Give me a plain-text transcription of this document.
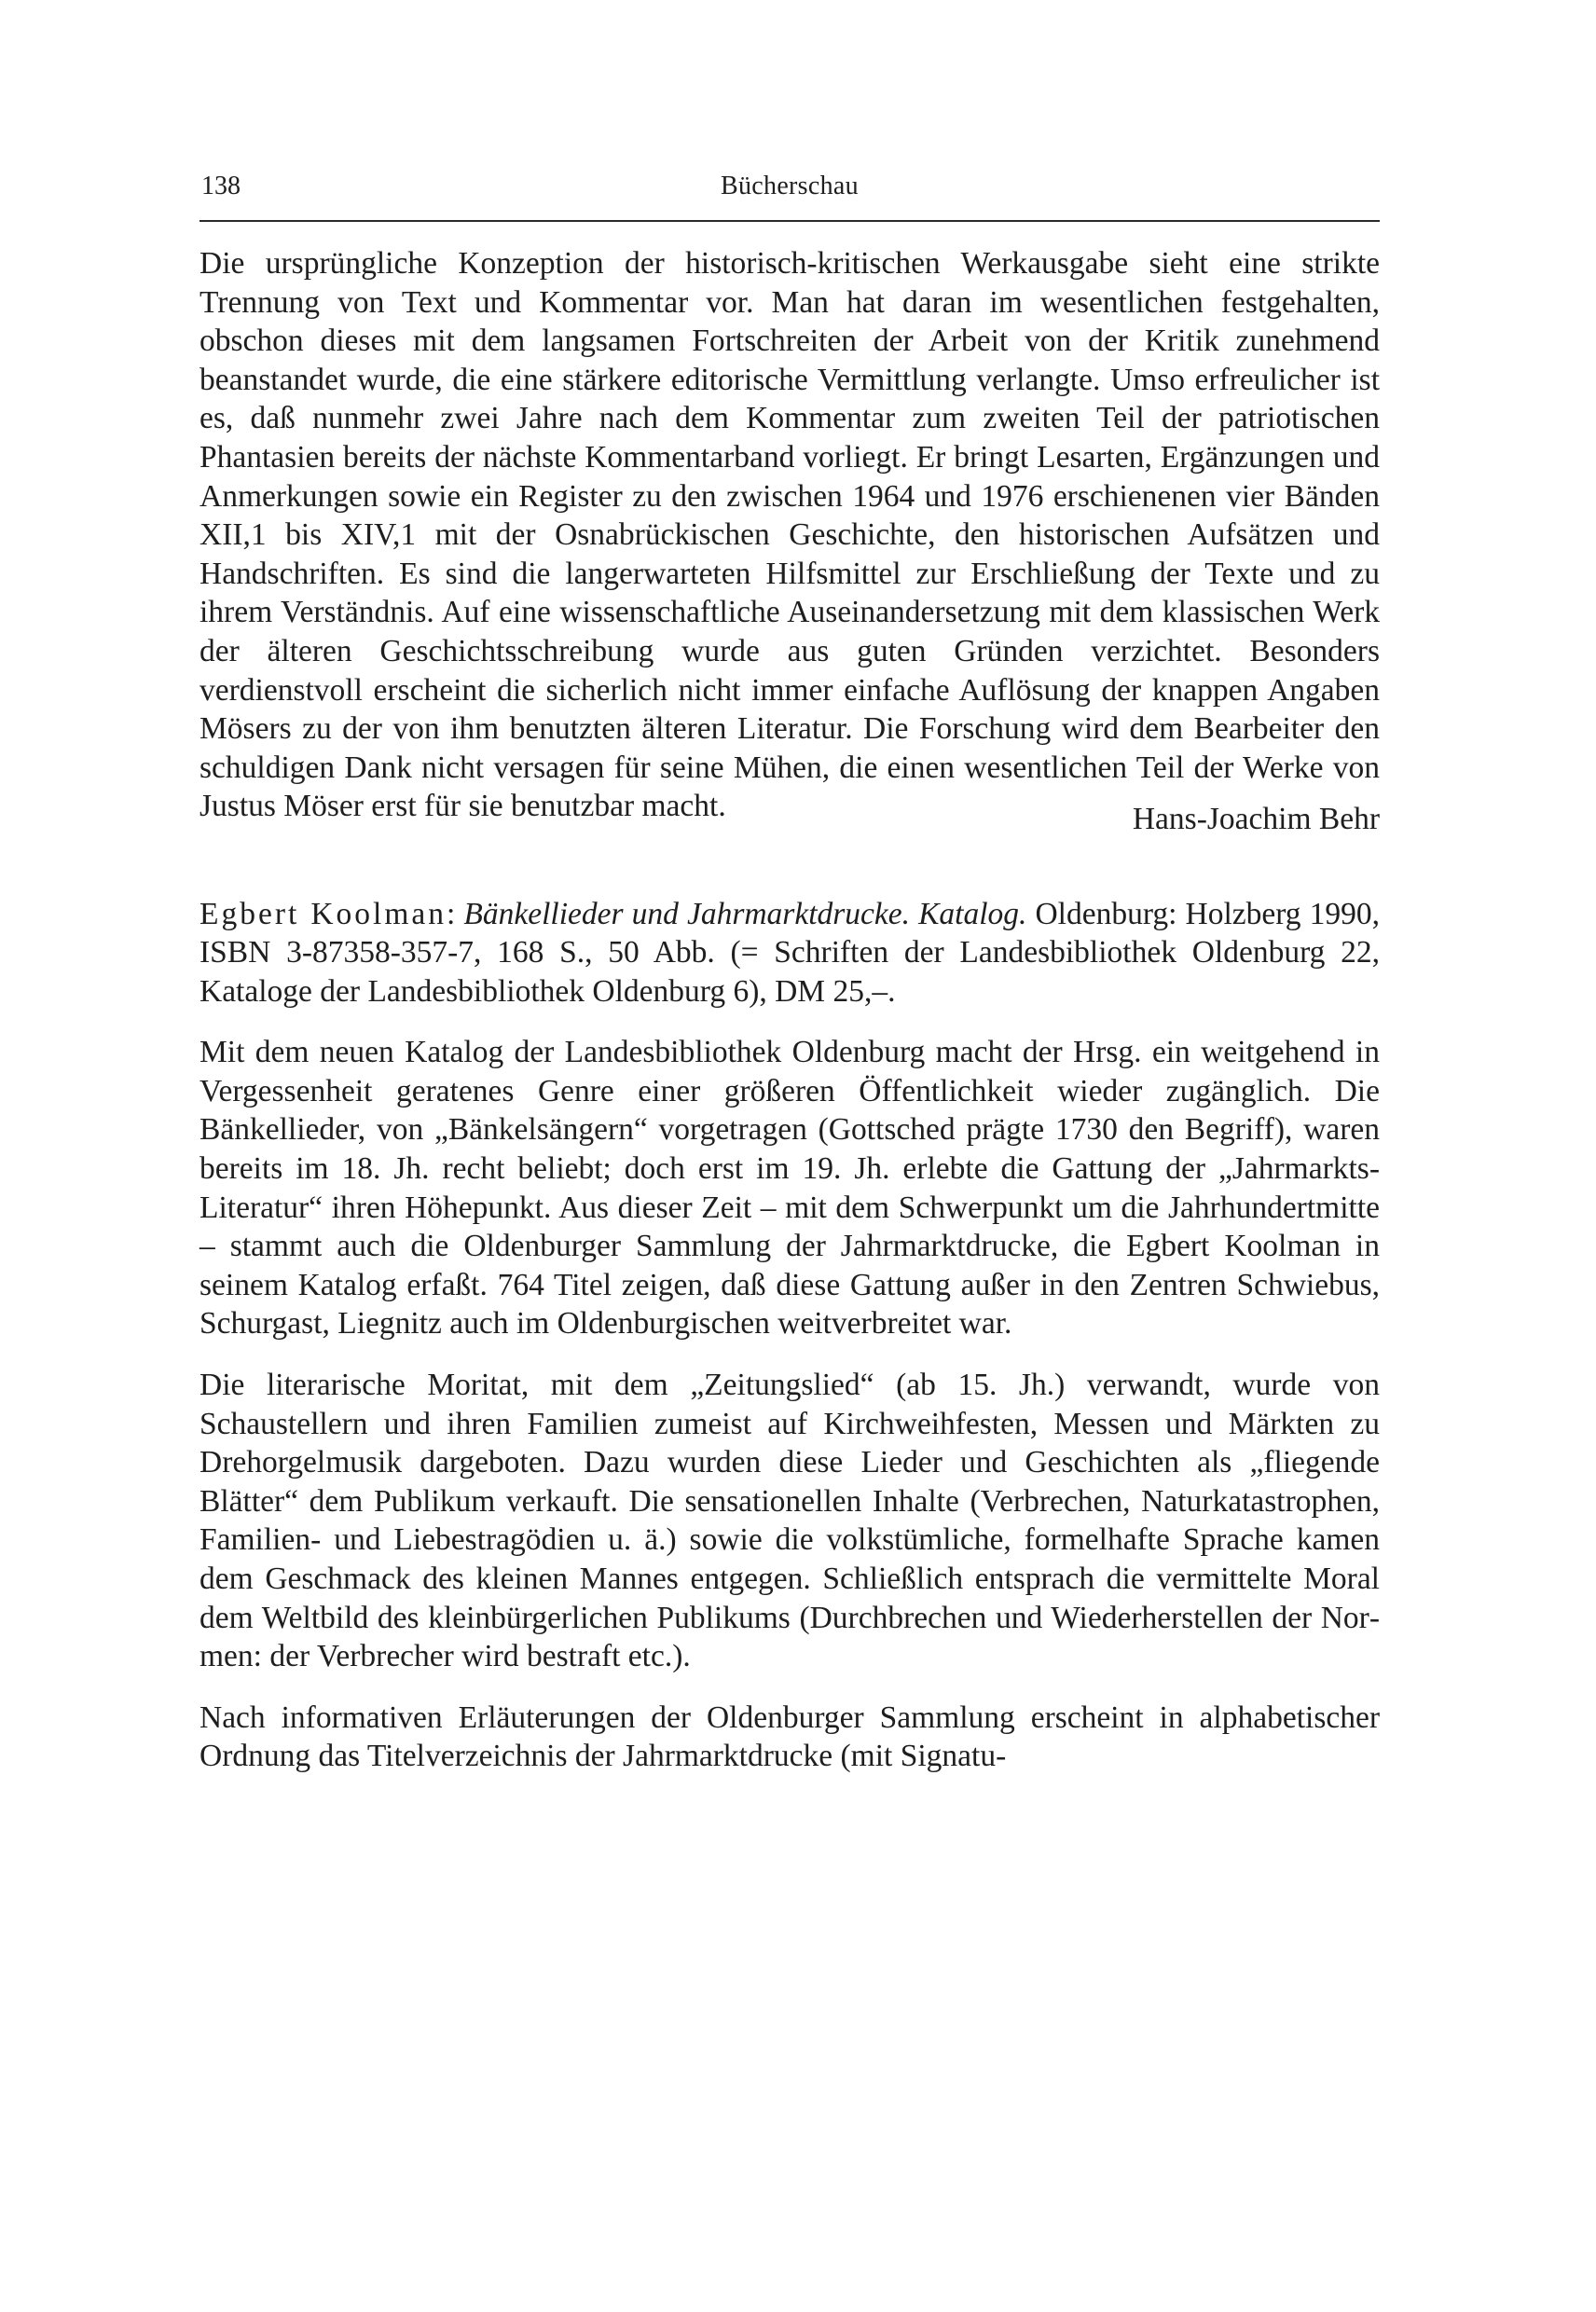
138	Bücherschau

Die ursprüngliche Konzeption der historisch-kritischen Werkausgabe sieht eine strikte Trennung von Text und Kommentar vor. Man hat daran im wesentlichen festgehalten, obschon dieses mit dem langsamen Fortschreiten der Arbeit von der Kritik zunehmend beanstandet wurde, die eine stärkere editorische Vermittlung verlangte. Umso erfreulicher ist es, daß nunmehr zwei Jahre nach dem Kommentar zum zweiten Teil der patriotischen Phantasien bereits der nächste Kommentarband vorliegt. Er bringt Lesarten, Ergänzungen und Anmerkungen sowie ein Register zu den zwischen 1964 und 1976 erschienenen vier Bänden XII,1 bis XIV,1 mit der Osnabrückischen Geschichte, den historischen Aufsätzen und Handschriften. Es sind die langerwarteten Hilfsmittel zur Erschließung der Texte und zu ihrem Verständnis. Auf eine wissenschaftliche Auseinandersetzung mit dem klassischen Werk der älteren Geschichtsschreibung wurde aus guten Gründen verzichtet. Besonders verdienstvoll erscheint die sicherlich nicht immer einfache Auflösung der knappen Angaben Mösers zu der von ihm benutzten älteren Literatur. Die Forschung wird dem Bearbeiter den schuldigen Dank nicht versagen für seine Mühen, die einen wesentlichen Teil der Werke von Justus Möser erst für sie benutzbar macht.	Hans-Joachim Behr

Egbert Koolman: Bänkellieder und Jahrmarktdrucke. Katalog. Oldenburg: Holzberg 1990, ISBN 3-87358-357-7, 168 S., 50 Abb. (= Schriften der Landesbibliothek Oldenburg 22, Kataloge der Landesbibliothek Oldenburg 6), DM 25,–.

Mit dem neuen Katalog der Landesbibliothek Oldenburg macht der Hrsg. ein weitgehend in Vergessenheit geratenes Genre einer größeren Öffentlichkeit wieder zugänglich. Die Bänkellieder, von „Bänkelsängern“ vorgetragen (Gottsched prägte 1730 den Begriff), waren bereits im 18. Jh. recht beliebt; doch erst im 19. Jh. erlebte die Gattung der „Jahrmarkts-Literatur“ ihren Höhepunkt. Aus dieser Zeit – mit dem Schwerpunkt um die Jahrhundertmitte – stammt auch die Oldenburger Sammlung der Jahrmarktdrucke, die Egbert Koolman in seinem Katalog erfaßt. 764 Titel zeigen, daß diese Gattung außer in den Zentren Schwiebus, Schurgast, Liegnitz auch im Oldenburgischen weitverbreitet war.

Die literarische Moritat, mit dem „Zeitungslied“ (ab 15. Jh.) verwandt, wurde von Schaustellern und ihren Familien zumeist auf Kirchweihfesten, Messen und Märkten zu Drehorgelmusik dargeboten. Dazu wurden diese Lieder und Geschichten als „fliegende Blätter“ dem Publikum verkauft. Die sensationellen Inhalte (Verbrechen, Naturkatastrophen, Familien- und Liebestragödien u. ä.) sowie die volkstümliche, formelhafte Sprache kamen dem Geschmack des kleinen Mannes entgegen. Schließlich entsprach die vermittelte Moral dem Weltbild des kleinbürgerlichen Publikums (Durchbrechen und Wiederherstellen der Normen: der Verbrecher wird bestraft etc.).

Nach informativen Erläuterungen der Oldenburger Sammlung erscheint in alphabetischer Ordnung das Titelverzeichnis der Jahrmarktdrucke (mit Signatu-
